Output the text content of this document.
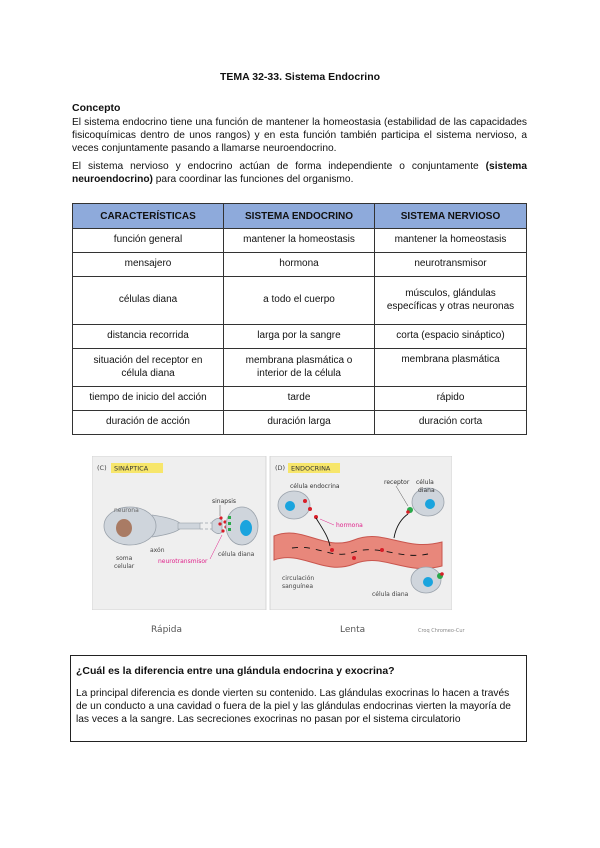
TEMA 32-33. Sistema Endocrino
Concepto

El sistema endocrino tiene una función de mantener la homeostasia (estabilidad de las capacidades fisicoquímicas dentro de unos rangos) y en esta función también participa el sistema nervioso, a veces conjuntamente pasando a llamarse neuroendocrino.

El sistema nervioso y endocrino actúan de forma independiente o conjuntamente (sistema neuroendocrino) para coordinar las funciones del organismo.

CARACTERÍSTICAS	SISTEMA ENDOCRINO	SISTEMA NERVIOSO
función general	mantener la homeostasis	mantener la homeostasis
mensajero	hormona	neurotransmisor
células diana	a todo el cuerpo	músculos, glándulas específicas y otras neuronas
distancia recorrida	larga por la sangre	corta (espacio sináptico)
situación del receptor en célula diana	membrana plasmática o interior de la célula	membrana plasmática
tiempo de inicio del acción	tarde	rápido
duración de acción	duración larga	duración corta
(C) SINÁPTICA
neurona
sinapsis
axón
soma
celular
neurotransmisor
célula diana
(D) ENDOCRINA
célula endocrina
receptor célula
diana
hormona
circulación
sanguínea
célula diana
Rápida	Lenta	Croq Chromeo-Cur
¿Cuál es la diferencia entre una glándula endocrina y exocrina?

La principal diferencia es donde vierten su contenido. Las glándulas exocrinas lo hacen a través de un conducto a una cavidad o fuera de la piel y las glándulas endocrinas vierten la mayoría de las veces a la sangre. Las secreciones exocrinas no pasan por el sistema circulatorio
